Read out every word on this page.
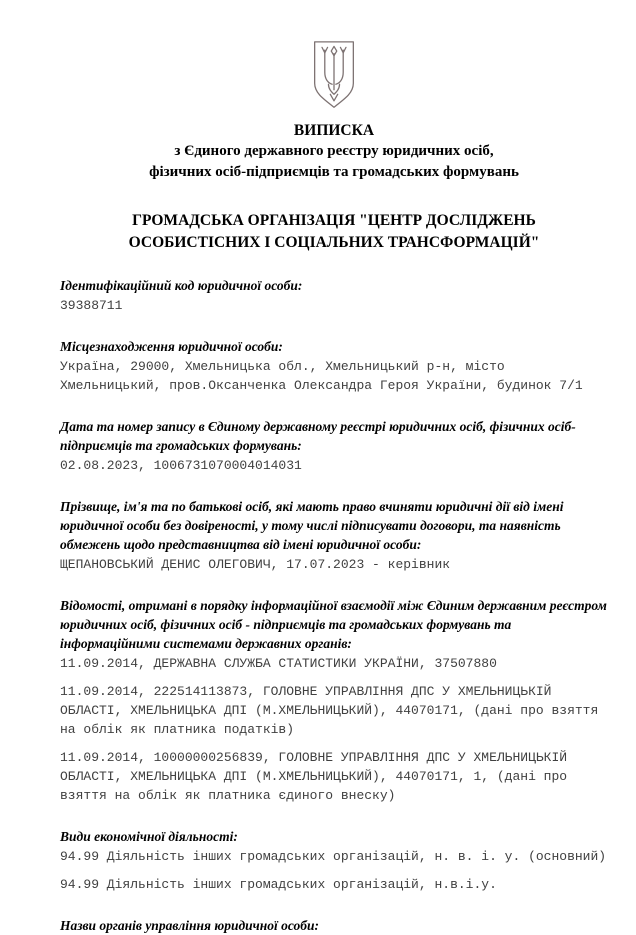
ВИПИСКА
з Єдиного державного реєстру юридичних осіб,
фізичних осіб-підприємців та громадських формувань
ГРОМАДСЬКА ОРГАНІЗАЦІЯ "ЦЕНТР ДОСЛІДЖЕНЬ ОСОБИСТІСНИХ І СОЦІАЛЬНИХ ТРАНСФОРМАЦІЙ"
Ідентифікаційний код юридичної особи:
39388711
Місцезнаходження юридичної особи:
Україна, 29000, Хмельницька обл., Хмельницький р-н, місто Хмельницький, пров.Оксанченка Олександра Героя України, будинок 7/1
Дата та номер запису в Єдиному державному реєстрі юридичних осіб, фізичних осіб-підприємців та громадських формувань:
02.08.2023, 1006731070004014031
Прізвище, ім'я та по батькові осіб, які мають право вчиняти юридичні дії від імені юридичної особи без довіреності, у тому числі підписувати договори, та наявність обмежень щодо представництва від імені юридичної особи:
ЩЕПАНОВСЬКИЙ ДЕНИС ОЛЕГОВИЧ, 17.07.2023 - керівник
Відомості, отримані в порядку інформаційної взаємодії між Єдиним державним реєстром юридичних осіб, фізичних осіб - підприємців та громадських формувань та інформаційними системами державних органів:
11.09.2014, ДЕРЖАВНА СЛУЖБА СТАТИСТИКИ УКРАЇНИ, 37507880
11.09.2014, 222514113873, ГОЛОВНЕ УПРАВЛІННЯ ДПС У ХМЕЛЬНИЦЬКІЙ ОБЛАСТІ, ХМЕЛЬНИЦЬКА ДПІ (М.ХМЕЛЬНИЦЬКИЙ), 44070171, (дані про взяття на облік як платника податків)
11.09.2014, 10000000256839, ГОЛОВНЕ УПРАВЛІННЯ ДПС У ХМЕЛЬНИЦЬКІЙ ОБЛАСТІ, ХМЕЛЬНИЦЬКА ДПІ (М.ХМЕЛЬНИЦЬКИЙ), 44070171, 1, (дані про взяття на облік як платника єдиного внеску)
Види економічної діяльності:
94.99 Діяльність інших громадських організацій, н. в. і. у. (основний)
94.99 Діяльність інших громадських організацій, н.в.і.у.
Назви органів управління юридичної особи:
